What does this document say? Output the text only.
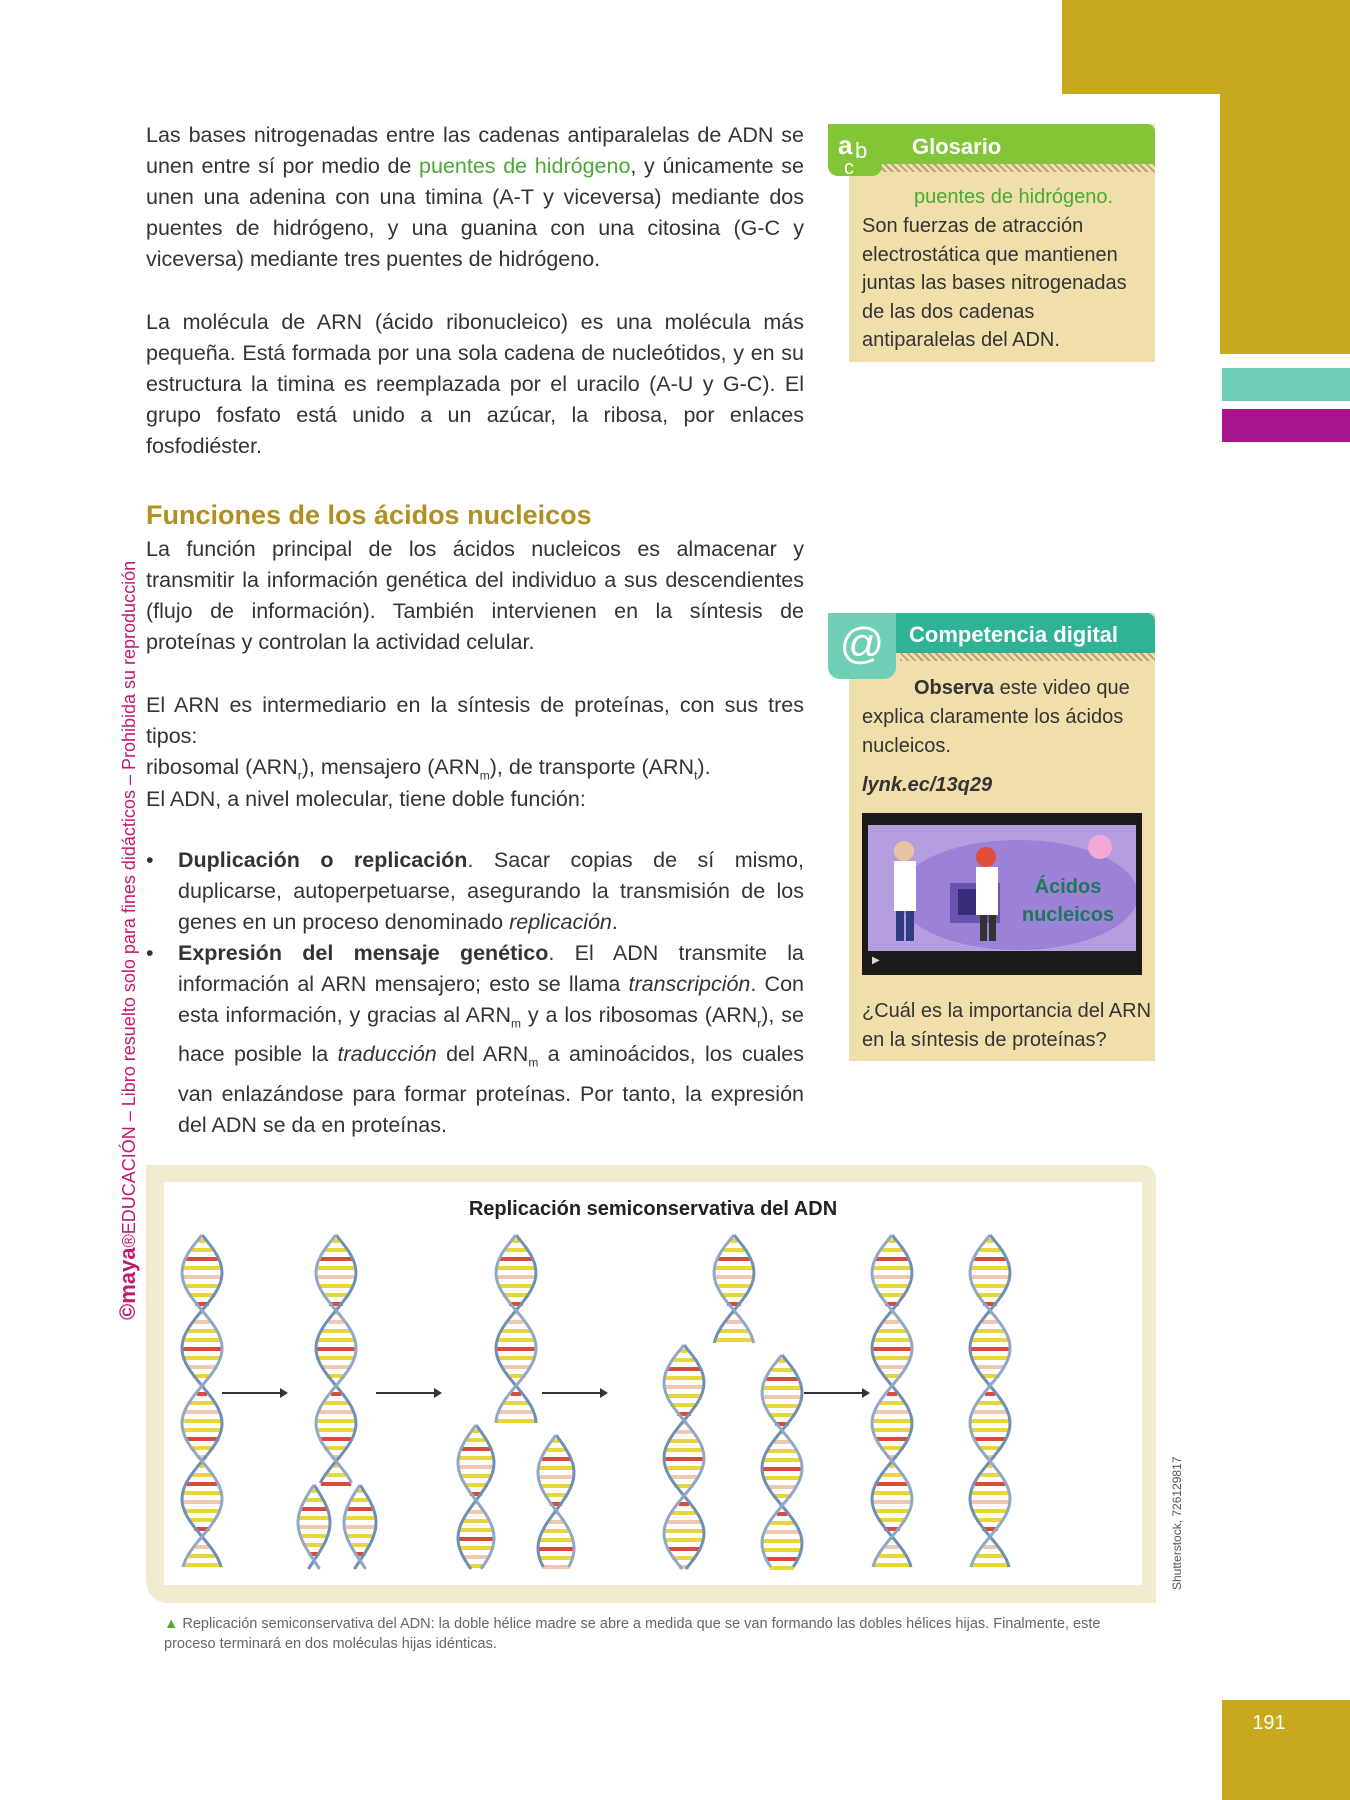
191
©maya®EDUCACIÓN – Libro resuelto solo para fines didácticos – Prohibida su reproducción
Las bases nitrogenadas entre las cadenas antiparalelas de ADN se unen entre sí por medio de puentes de hidrógeno, y únicamente se unen una adenina con una timina (A-T y viceversa) mediante dos puentes de hidrógeno, y una guanina con una citosina (G-C y viceversa) mediante tres puentes de hidrógeno.
La molécula de ARN (ácido ribonucleico) es una molécula más pequeña. Está formada por una sola cadena de nucleótidos, y en su estructura la timina es reemplazada por el uracilo (A-U y G-C). El grupo fosfato está unido a un azúcar, la ribosa, por enlaces fosfodiéster.
Funciones de los ácidos nucleicos
La función principal de los ácidos nucleicos es almacenar y transmitir la información genética del individuo a sus descendientes (flujo de información). También intervienen en la síntesis de proteínas y controlan la actividad celular.
El ARN es intermediario en la síntesis de proteínas, con sus tres tipos:
ribosomal $(ARN_r)$, mensajero $(ARN_m)$, de transporte $(ARN_t)$.
El ADN, a nivel molecular, tiene doble función:
• Duplicación o replicación. Sacar copias de sí mismo, duplicarse, autoperpetuarse, asegurando la transmisión de los genes en un proceso denominado replicación.
• Expresión del mensaje genético. El ADN transmite la información al ARN mensajero; esto se llama transcripción. Con esta información, y gracias al $ARN_m$ y a los ribosomas $(ARN_r)$, se hace posible la traducción del $ARN_m$ a aminoácidos, los cuales van enlazándose para formar proteínas. Por tanto, la expresión del ADN se da en proteínas.
a b
c
Glosario
puentes de hidrógeno.
Son fuerzas de atracción electrostática que mantienen juntas las bases nitrogenadas de las dos cadenas antiparalelas del ADN.
@	Competencia digital
Observa este video que explica claramente los ácidos nucleicos.
lynk.ec/13q29
Ácidos
nucleicos
▶
¿Cuál es la importancia del ARN en la síntesis de proteínas?
Replicación semiconservativa del ADN
Shutterstock, 726129817
▲ Replicación semiconservativa del ADN: la doble hélice madre se abre a medida que se van formando las dobles hélices hijas. Finalmente, este proceso terminará en dos moléculas hijas idénticas.
